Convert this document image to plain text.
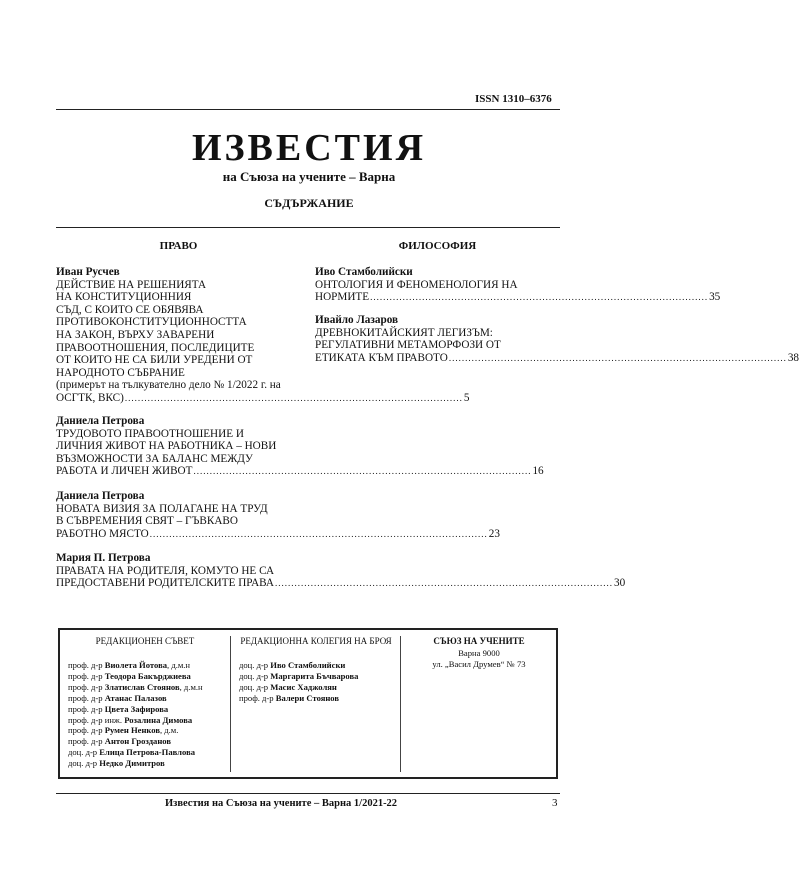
ISSN 1310–6376
ИЗВЕСТИЯ
на Съюза на учените – Варна
СЪДЪРЖАНИЕ
ПРАВО	ФИЛОСОФИЯ
Иван Русчев
ДЕЙСТВИЕ НА РЕШЕНИЯТА
НА КОНСТИТУЦИОННИЯ
СЪД, С КОИТО СЕ ОБЯВЯВА
ПРОТИВОКОНСТИТУЦИОННОСТТА
НА ЗАКОН, ВЪРХУ ЗАВАРЕНИ
ПРАВООТНОШЕНИЯ, ПОСЛЕДИЦИТЕ
ОТ КОИТО НЕ СА БИЛИ УРЕДЕНИ ОТ
НАРОДНОТО СЪБРАНИЕ
(примерът на тълкувателно дело № 1/2022 г. на
ОСГТК, ВКС) ........................................................................................................ 5
Даниела Петрова
ТРУДОВОТО ПРАВООТНОШЕНИЕ И
ЛИЧНИЯ ЖИВОТ НА РАБОТНИКА – НОВИ
ВЪЗМОЖНОСТИ ЗА БАЛАНС МЕЖДУ
РАБОТА И ЛИЧЕН ЖИВОТ ........................................................................................................ 16
Даниела Петрова
НОВАТА ВИЗИЯ ЗА ПОЛАГАНЕ НА ТРУД
В СЪВРЕМЕНИЯ СВЯТ – ГЪВКАВО
РАБОТНО МЯСТО ........................................................................................................ 23
Мария П. Петрова
ПРАВАТА НА РОДИТЕЛЯ, КОМУТО НЕ СА
ПРЕДОСТАВЕНИ РОДИТЕЛСКИТЕ ПРАВА ........................................................................................................ 30
Иво Стамболийски
ОНТОЛОГИЯ И ФЕНОМЕНОЛОГИЯ НА
НОРМИТЕ ........................................................................................................ 35
Ивайло Лазаров
ДРЕВНОКИТАЙСКИЯТ ЛЕГИЗЪМ:
РЕГУЛАТИВНИ МЕТАМОРФОЗИ ОТ
ЕТИКАТА КЪМ ПРАВОТО ........................................................................................................ 38
РЕДАКЦИОНЕН СЪВЕТ
проф. д-р Виолета Йотова, д.м.н
проф. д-р Теодора Бакърджиева
проф. д-р Златислав Стоянов, д.м.н
проф. д-р Атанас Палазов
проф. д-р Цвета Зафирова
проф. д-р инж. Розалина Димова
проф. д-р Румен Ненков, д.м.
проф. д-р Антон Грозданов
доц. д-р Елица Петрова-Павлова
доц. д-р Недко Димитров
РЕДАКЦИОННА КОЛЕГИЯ НА БРОЯ
доц. д-р Иво Стамболийски
доц. д-р Маргарита Бъчварова
доц. д-р Масис Хаджолян
проф. д-р Валери Стоянов
СЪЮЗ НА УЧЕНИТЕ
Варна 9000
ул. „Васил Друмев“ № 73
Известия на Съюза на учените – Варна 1/2021-22	3
